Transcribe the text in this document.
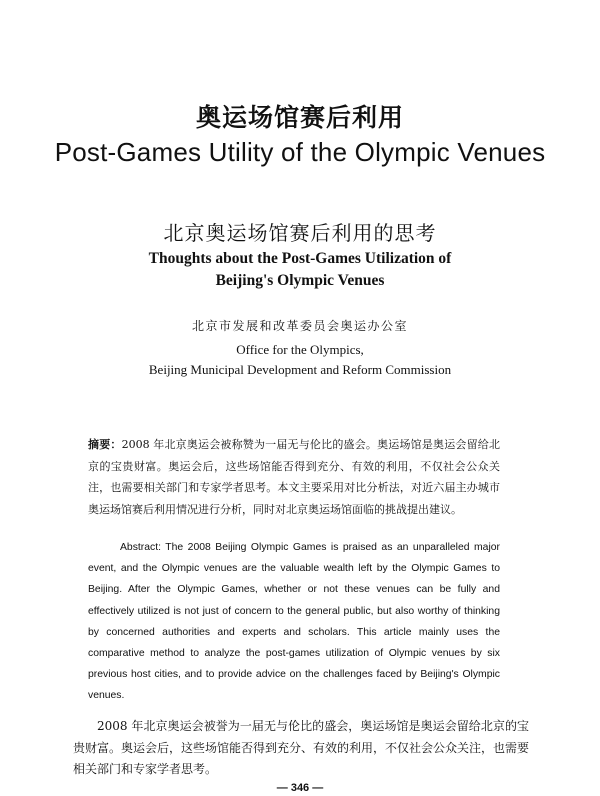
奥运场馆赛后利用
Post-Games Utility of the Olympic Venues
北京奥运场馆赛后利用的思考
Thoughts about the Post-Games Utilization of
Beijing's Olympic Venues
北京市发展和改革委员会奥运办公室
Office for the Olympics,
Beijing Municipal Development and Reform Commission
摘要：2008 年北京奥运会被称赞为一届无与伦比的盛会。奥运场馆是奥运会留给北京的宝贵财富。奥运会后，这些场馆能否得到充分、有效的利用，不仅社会公众关注，也需要相关部门和专家学者思考。本文主要采用对比分析法，对近六届主办城市奥运场馆赛后利用情况进行分析，同时对北京奥运场馆面临的挑战提出建议。
Abstract: The 2008 Beijing Olympic Games is praised as an unparalleled major event, and the Olympic venues are the valuable wealth left by the Olympic Games to Beijing. After the Olympic Games, whether or not these venues can be fully and effectively utilized is not just of concern to the general public, but also worthy of thinking by concerned authorities and experts and scholars. This article mainly uses the comparative method to analyze the post-games utilization of Olympic venues by six previous host cities, and to provide advice on the challenges faced by Beijing's Olympic venues.
2008 年北京奥运会被誉为一届无与伦比的盛会，奥运场馆是奥运会留给北京的宝贵财富。奥运会后，这些场馆能否得到充分、有效的利用，不仅社会公众关注，也需要相关部门和专家学者思考。
— 346 —
